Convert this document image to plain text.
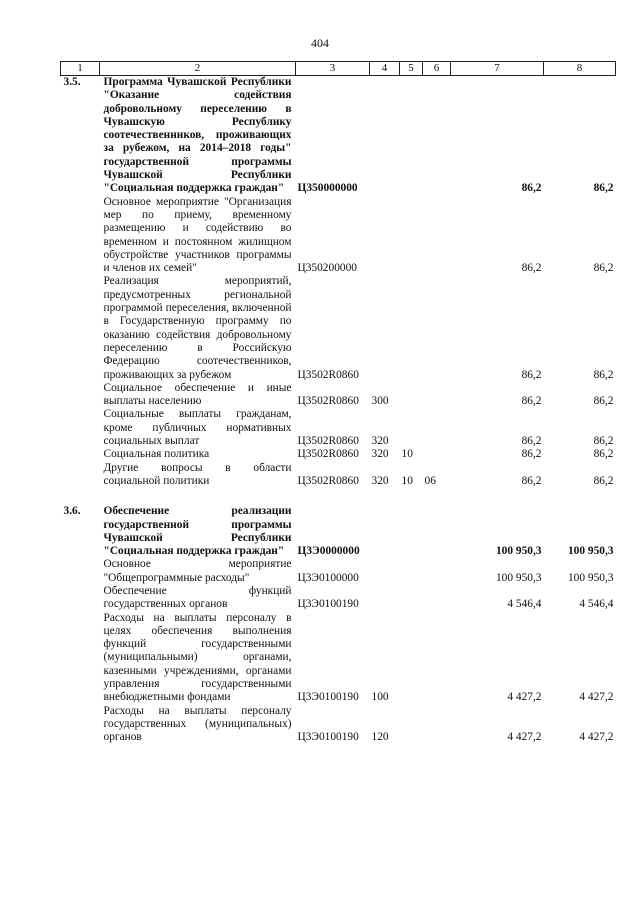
404
1	2	3	4	5	6	7	8
3.5.	Программа Чувашской Республики "Оказание содействия добровольному переселению в Чувашскую Республику соотечественников, проживающих за рубежом, на 2014–2018 годы" государственной программы Чувашской Республики "Социальная поддержка граждан"	Ц350000000				86,2	86,2
	Основное мероприятие "Организация мер по приему, временному размещению и содействию во временном и постоянном жилищном обустройстве участников программы и членов их семей"	Ц350200000				86,2	86,2
	Реализация мероприятий, предусмотренных региональной программой переселения, включенной в Государственную программу по оказанию содействия добровольному переселению в Российскую Федерацию соотечественников, проживающих за рубежом	Ц3502R0860				86,2	86,2
	Социальное обеспечение и иные выплаты населению	Ц3502R0860	300			86,2	86,2
	Социальные выплаты гражданам, кроме публичных нормативных социальных выплат	Ц3502R0860	320			86,2	86,2
	Социальная политика	Ц3502R0860	320	10		86,2	86,2
	Другие вопросы в области социальной политики	Ц3502R0860	320	10	06	86,2	86,2

3.6.	Обеспечение реализации государственной программы Чувашской Республики "Социальная поддержка граждан"	Ц3Э0000000				100 950,3	100 950,3
	Основное мероприятие "Общепрограммные расходы"	Ц3Э0100000				100 950,3	100 950,3
	Обеспечение функций государственных органов	Ц3Э0100190				4 546,4	4 546,4
	Расходы на выплаты персоналу в целях обеспечения выполнения функций государственными (муниципальными) органами, казенными учреждениями, органами управления государственными внебюджетными фондами	Ц3Э0100190	100			4 427,2	4 427,2
	Расходы на выплаты персоналу государственных (муниципальных) органов	Ц3Э0100190	120			4 427,2	4 427,2
